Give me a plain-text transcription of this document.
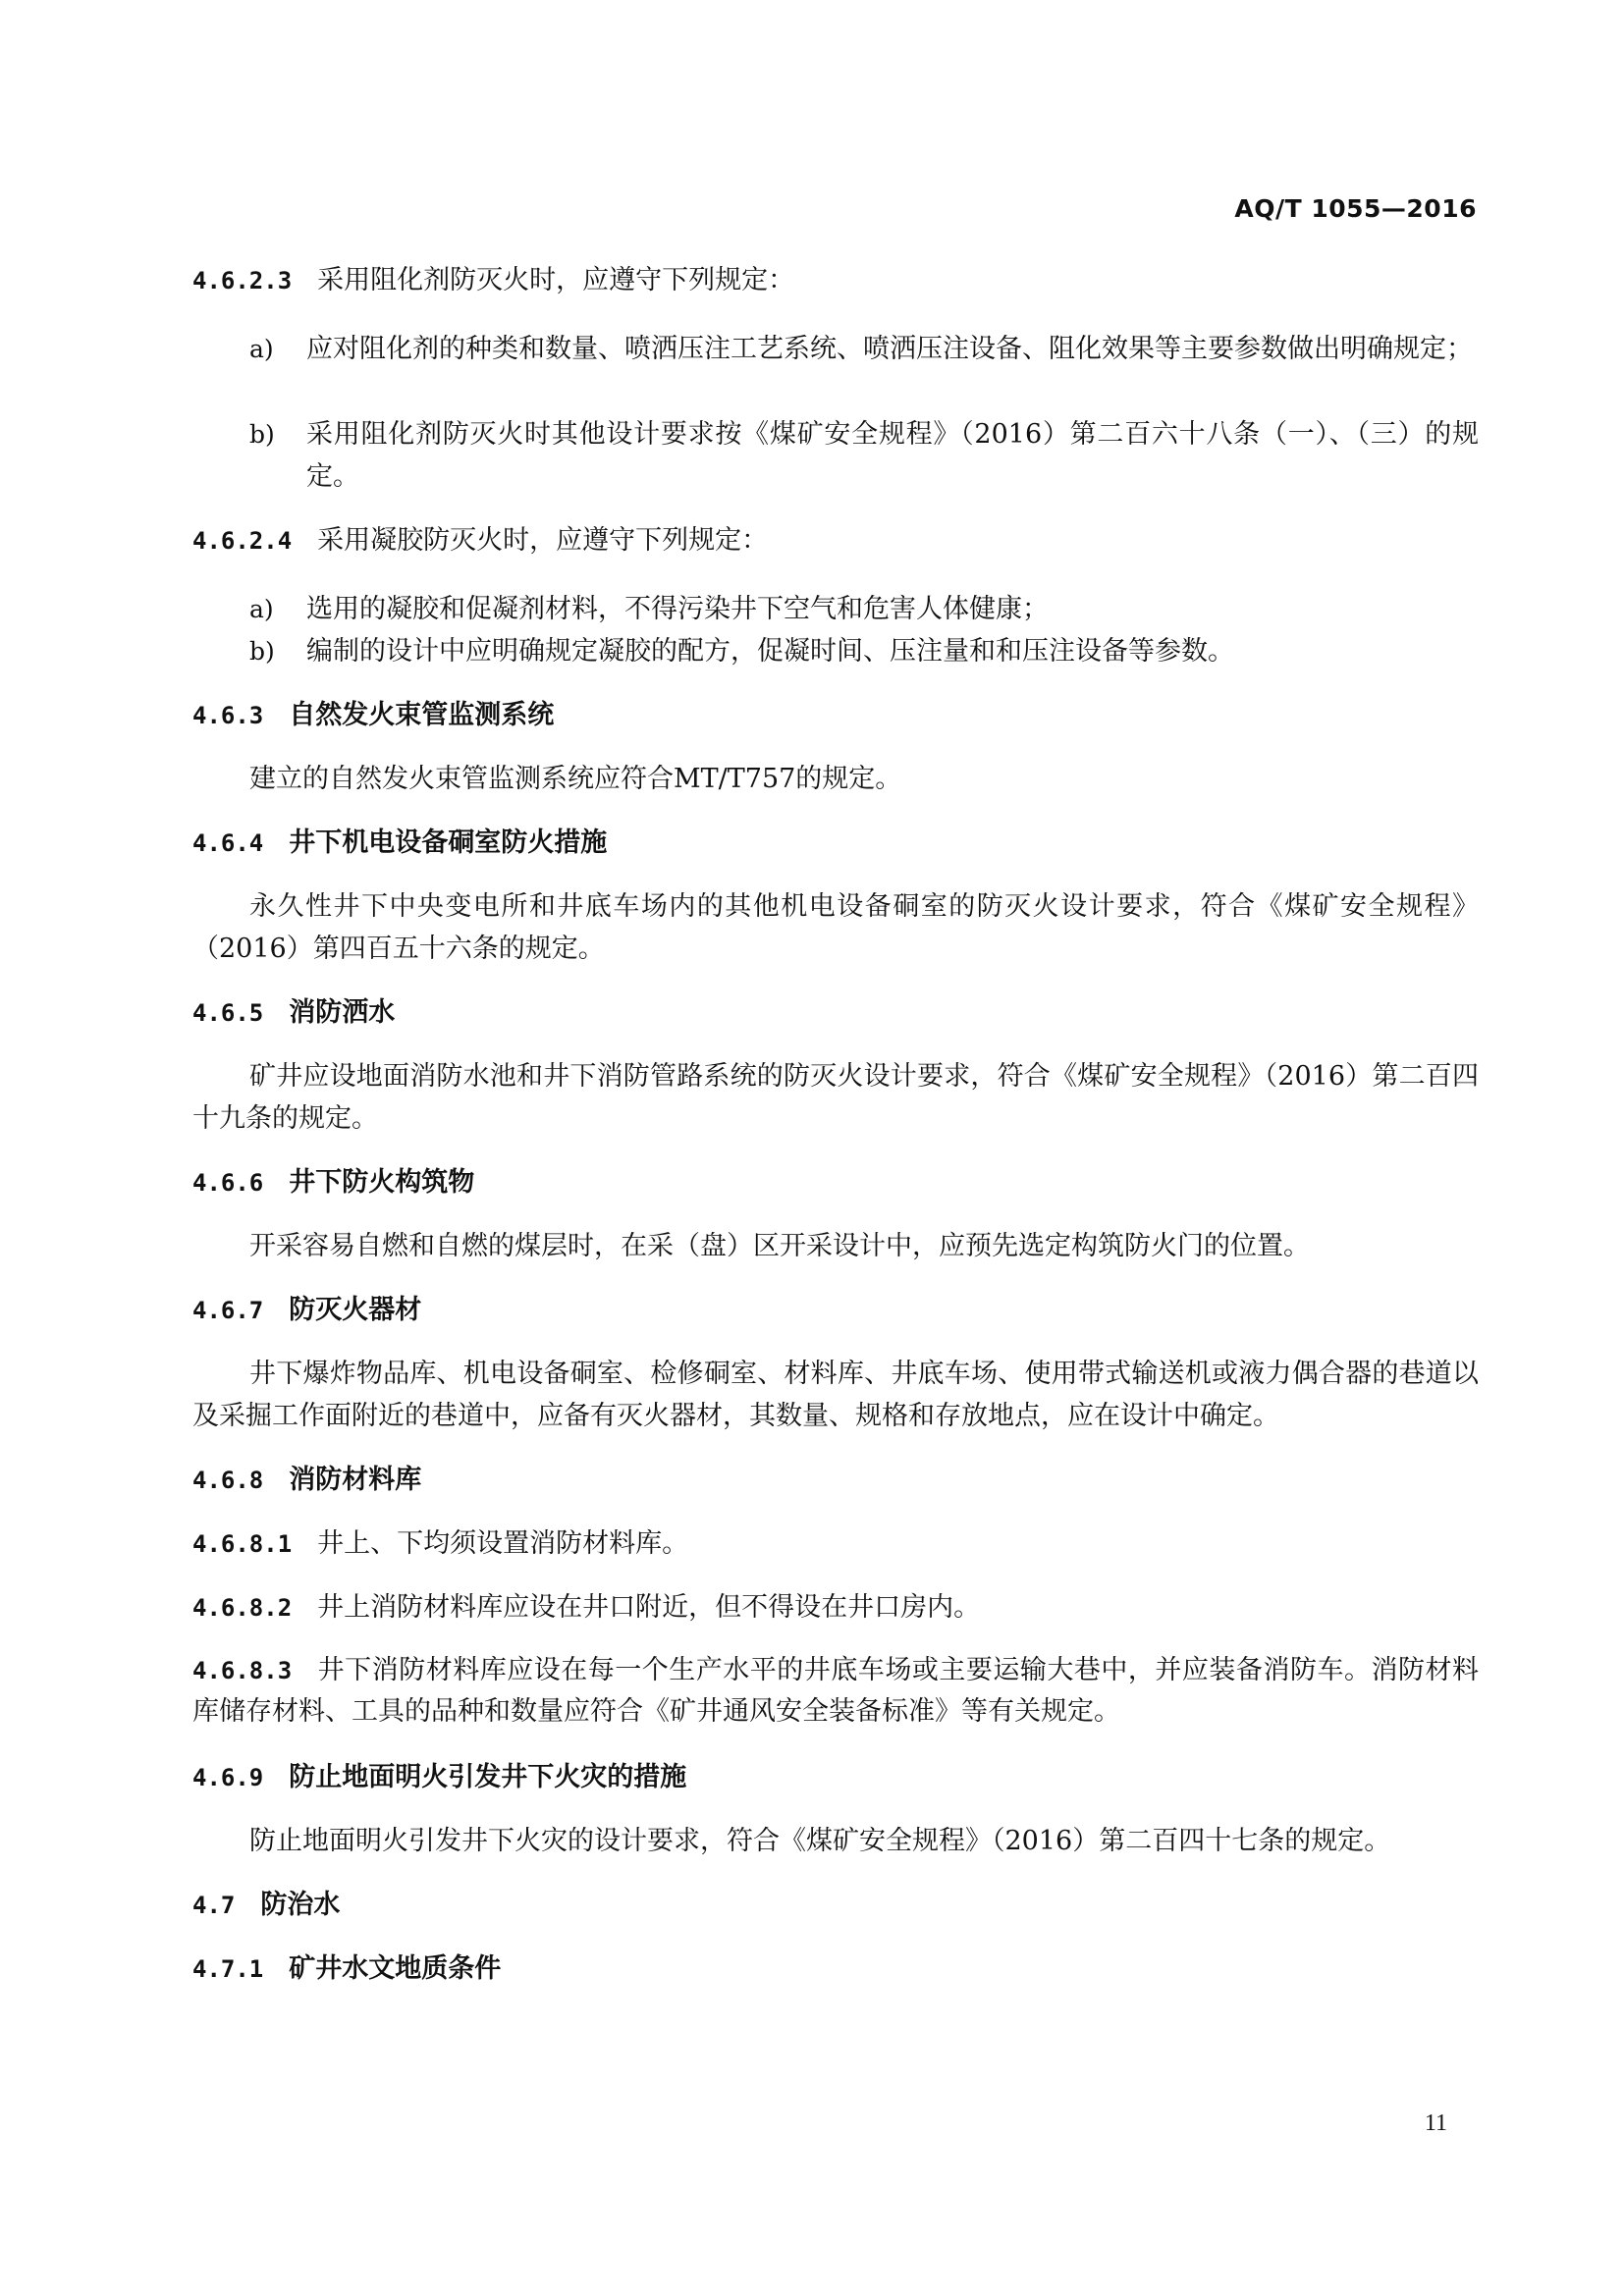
AQ/T 1055—2016
4.6.2.3 采用阻化剂防灭火时，应遵守下列规定：
a) 应对阻化剂的种类和数量、喷洒压注工艺系统、喷洒压注设备、阻化效果等主要参数做出明确规定；
b) 采用阻化剂防灭火时其他设计要求按《煤矿安全规程》（2016）第二百六十八条（一）、（三）的规定。
4.6.2.4 采用凝胶防灭火时，应遵守下列规定：
a) 选用的凝胶和促凝剂材料，不得污染井下空气和危害人体健康；
b) 编制的设计中应明确规定凝胶的配方，促凝时间、压注量和和压注设备等参数。
4.6.3 自然发火束管监测系统
建立的自然发火束管监测系统应符合MT/T757的规定。
4.6.4 井下机电设备硐室防火措施
永久性井下中央变电所和井底车场内的其他机电设备硐室的防灭火设计要求，符合《煤矿安全规程》（2016）第四百五十六条的规定。
4.6.5 消防洒水
矿井应设地面消防水池和井下消防管路系统的防灭火设计要求，符合《煤矿安全规程》（2016）第二百四十九条的规定。
4.6.6 井下防火构筑物
开采容易自燃和自燃的煤层时，在采（盘）区开采设计中，应预先选定构筑防火门的位置。
4.6.7 防灭火器材
井下爆炸物品库、机电设备硐室、检修硐室、材料库、井底车场、使用带式输送机或液力偶合器的巷道以及采掘工作面附近的巷道中，应备有灭火器材，其数量、规格和存放地点，应在设计中确定。
4.6.8 消防材料库
4.6.8.1 井上、下均须设置消防材料库。
4.6.8.2 井上消防材料库应设在井口附近，但不得设在井口房内。
4.6.8.3 井下消防材料库应设在每一个生产水平的井底车场或主要运输大巷中，并应装备消防车。消防材料库储存材料、工具的品种和数量应符合《矿井通风安全装备标准》等有关规定。
4.6.9 防止地面明火引发井下火灾的措施
防止地面明火引发井下火灾的设计要求，符合《煤矿安全规程》（2016）第二百四十七条的规定。
4.7 防治水
4.7.1 矿井水文地质条件
11
